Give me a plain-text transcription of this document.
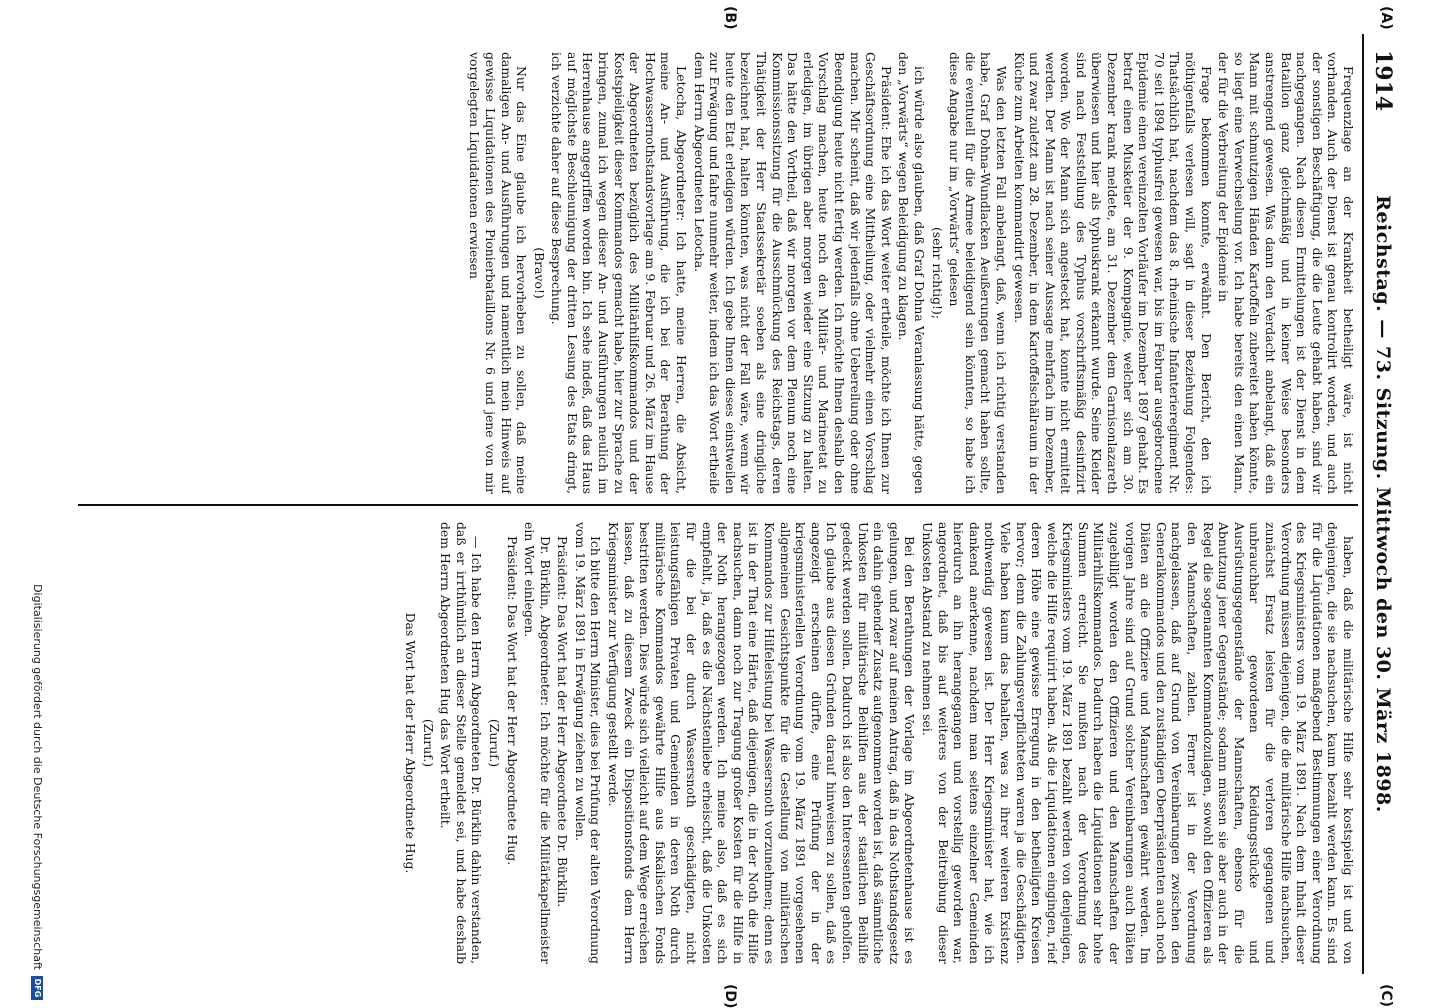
1914
Reichstag. — 73. Sitzung. Mittwoch den 30. März 1898.
(A)
(B)
(C)
(D)

Frequenzlage an der Krankheit betheiligt wäre, ist nicht vorhanden. Auch der Dienst ist genau kontrolirt worden, und auch der sonstigen Beschäftigung, die die Leute gehabt haben, sind wir nachgegangen. Nach diesen Ermittelungen ist der Dienst in dem Bataillon ganz gleichmäßig und in keiner Weise besonders anstrengend gewesen. Was dann den Verdacht anbelangt, daß ein Mann mit schmutzigen Händen Kartoffeln zubereitet haben könnte, so liegt eine Verwechselung vor. Ich habe bereits den einen Mann, der für die Verbreitung der Epidemie in

Frage bekommen konnte, erwähnt. Den Bericht, den ich nöthigenfalls verlesen will, sagt in dieser Beziehung Folgendes: Thatsächlich hat, nachdem das 8. rheinische Infanterieregiment Nr. 70 seit 1894 typhusfrei gewesen war, bis im Februar ausgebrochene Epidemie einen vereinzelten Vorläufer im Dezember 1897 gehabt. Es betraf einen Musketier der 9. Kompagnie, welcher sich am 30. Dezember krank meldete, am 31. Dezember dem Garnisonlazareth überwiesen und hier als typhuskrank erkannt wurde. Seine Kleider sind nach Feststellung des Typhus vorschriftsmäßig desinfizirt worden. Wo der Mann sich angesteckt hat, konnte nicht ermittelt werden. Der Mann ist nach seiner Aussage mehrfach im Dezember, und zwar zuletzt am 28. Dezember, in dem Kartoffelschälraum in der Küche zum Arbeiten kommandirt gewesen.

Was den letzten Fall anbelangt, daß, wenn ich richtig verstanden habe, Graf Dohna-Wundlacken Aeußerungen gemacht haben sollte, die eventuell für die Armee beleidigend sein könnten, so habe ich diese Angabe nur im „Vorwärts“ gelesen

(sehr richtig!);

ich würde also glauben, daß Graf Dohna Veranlassung hätte, gegen den „Vorwärts“ wegen Beleidigung zu klagen.

Präsident: Ehe ich das Wort weiter ertheile, möchte ich Ihnen zur Geschäftsordnung eine Mittheilung, oder vielmehr einen Vorschlag machen. Mir scheint, daß wir jedenfalls ohne Uebereilung oder ohne Beendigung heute nicht fertig werden. Ich möchte Ihnen deshalb den Vorschlag machen, heute noch den Militär- und Marineetat zu erledigen, im übrigen aber morgen wieder eine Sitzung zu halten. Das hätte den Vortheil, daß wir morgen vor dem Plenum noch eine Kommissionssitzung für die Ausschmückung des Reichstags, deren Thätigkeit der Herr Staatssekretär soeben als eine dringliche bezeichnet hat, halten könnten, was nicht der Fall wäre, wenn wir heute den Etat erledigen würden. Ich gebe Ihnen dieses einstweilen zur Erwägung und fahre nunmehr weiter, indem ich das Wort ertheile dem Herrn Abgeordneten Letocha.

Letocha, Abgeordneter: Ich hatte, meine Herren, die Absicht, meine An- und Ausführung, die ich bei der Berathung der Hochwassernothstandsvorlage am 9. Februar und 26. März im Hause der Abgeordneten bezüglich des Militärhilfskommandos und der Kostspieligkeit dieser Kommandos gemacht habe, hier zur Sprache zu bringen, zumal ich wegen dieser An- und Ausführungen neulich im Herrenhause angegriffen worden bin. Ich sehe indeß, daß das Haus auf möglichste Beschleunigung der dritten Lesung des Etats dringt, ich verzichte daher auf diese Besprechung.

(Bravo!)

Nur das Eine glaube ich hervorheben zu sollen, daß meine damaligen An- und Ausführungen und namentlich mein Hinweis auf gewisse Liquidationen des Pionierbataillons Nr. 6 und jene von mir vorgelegten Liquidationen erwiesen

haben, daß die militärische Hilfe sehr kostspielig ist und von denjenigen, die sie nachsuchen, kaum bezahlt werden kann. Es sind für die Liquidationen maßgebend Bestimmungen einer Verordnung des Kriegsministers vom 19. März 1891. Nach dem Inhalt dieser Verordnung müssen diejenigen, die die militärische Hilfe nachsuchen, zunächst Ersatz leisten für die verloren gegangenen und unbrauchbar gewordenen Kleidungsstücke und Ausrüstungsgegenstände der Mannschaften, ebenso für die Abnutzung jener Gegenstände; sodann müssen sie aber auch in der Regel die sogenannten Kommandozulagen, sowohl den Offizieren als den Mannschaften, zahlen. Ferner ist in der Verordnung nachgelassen, daß auf Grund von Vereinbarungen zwischen den Generalkommandos und den zuständigen Oberpräsidenten auch noch Diäten an die Offiziere und Mannschaften gewährt werden. Im vorigen Jahre sind auf Grund solcher Vereinbarungen auch Diäten zugebilligt worden den Offizieren und den Mannschaften der Militärhilfskommandos. Dadurch haben die Liquidationen sehr hohe Summen erreicht. Sie mußten nach der Verordnung des Kriegsministers vom 19. März 1891 bezahlt werden von denjenigen, welche die Hilfe requirirt haben. Als die Liquidationen eingingen, rief deren Höhe eine gewisse Erregung in den betheiligten Kreisen hervor; denn die Zahlungsverpflichteten waren ja die Geschädigten. Viele haben kaum das behalten, was zu ihrer weiteren Existenz nothwendig gewesen ist. Der Herr Kriegsminister hat, wie ich dankend anerkenne, nachdem man seitens einzelner Gemeinden hierdurch an ihn herangegangen und vorstellig geworden war, angeordnet, daß bis auf weiteres von der Beitreibung dieser Unkosten Abstand zu nehmen sei.

Bei den Berathungen der Vorlage im Abgeordnetenhause ist es gelungen, und zwar auf meinen Antrag, daß in das Nothstandsgesetz ein dahin gehender Zusatz aufgenommen worden ist, daß sämmtliche Unkosten für militärische Beihilfen aus der staatlichen Beihilfe gedeckt werden sollen. Dadurch ist also den Interessenten geholfen. Ich glaube aus diesen Gründen darauf hinweisen zu sollen, daß es angezeigt erscheinen dürfte, eine Prüfung der in der kriegsministeriellen Verordnung vom 19. März 1891 vorgesehenen allgemeinen Gesichtspunkte für die Gestellung von militärischen Kommandos zur Hilfeleistung bei Wassersnoth vorzunehmen; denn es ist in der That eine Härte, daß diejenigen, die in der Noth die Hilfe nachsuchen, dann noch zur Tragung großer Kosten für die Hilfe in der Noth herangezogen werden. Ich meine also, daß es sich empfiehlt, ja, daß es die Nächstenliebe erheischt, daß die Unkosten für die bei der durch Wassersnoth geschädigten, nicht leistungsfähigen Privaten und Gemeinden in deren Noth durch militärische Kommandos gewährte Hilfe aus fiskalischen Fonds bestritten werden. Dies würde sich vielleicht auf dem Wege erreichen lassen, daß zu diesem Zweck ein Dispositionsfonds dem Herrn Kriegsminister zur Verfügung gestellt werde.

Ich bitte den Herrn Minister, dies bei Prüfung der alten Verordnung vom 19. März 1891 in Erwägung ziehen zu wollen.

Präsident: Das Wort hat der Herr Abgeordnete Dr. Bürklin.

Dr. Bürklin, Abgeordneter: Ich möchte für die Militärkapellmeister ein Wort einlegen.

Präsident: Das Wort hat der Herr Abgeordnete Hug.

(Zuruf.)

— Ich habe den Herrn Abgeordneten Dr. Bürklin dahin verstanden, daß er irrthümlich an dieser Stelle gemeldet sei, und habe deshalb dem Herrn Abgeordneten Hug das Wort ertheilt.

(Zuruf.)

Das Wort hat der Herr Abgeordnete Hug.

Digitalisierung gefördert durch die Deutsche Forschungsgemeinschaft
DFG
